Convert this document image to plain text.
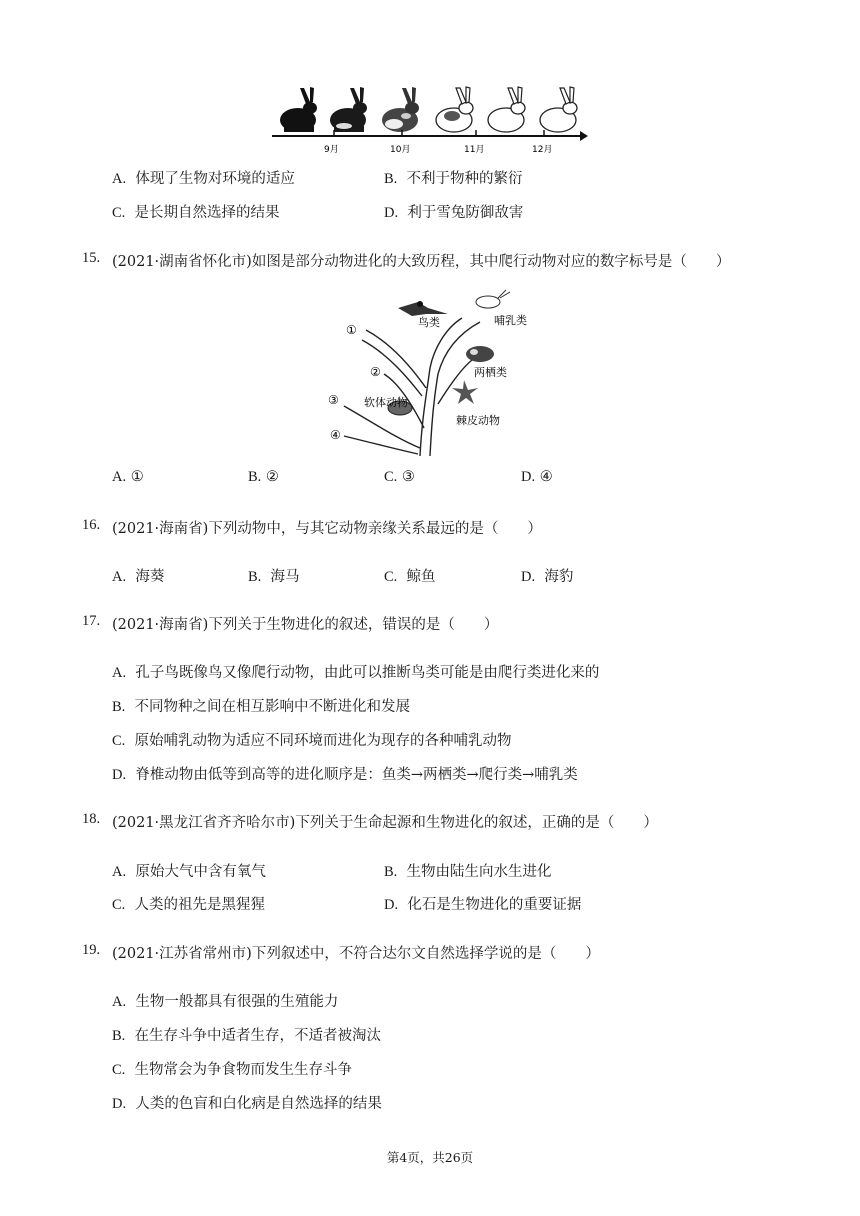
9月	10月	11月	12月
A. 体现了生物对环境的适应	B. 不利于物种的繁衍
C. 是长期自然选择的结果	D. 利于雪兔防御敌害
15. (2021·湖南省怀化市)如图是部分动物进化的大致历程，其中爬行动物对应的数字标号是（　　）
①
②
③
④
鸟类	哺乳类
两栖类
软体动物
棘皮动物
A. ①	B. ②	C. ③	D. ④
16. (2021·海南省)下列动物中，与其它动物亲缘关系最远的是（　　）
A. 海葵	B. 海马	C. 鲸鱼	D. 海豹
17. (2021·海南省)下列关于生物进化的叙述，错误的是（　　）
A. 孔子鸟既像鸟又像爬行动物，由此可以推断鸟类可能是由爬行类进化来的
B. 不同物种之间在相互影响中不断进化和发展
C. 原始哺乳动物为适应不同环境而进化为现存的各种哺乳动物
D. 脊椎动物由低等到高等的进化顺序是：鱼类→两栖类→爬行类→哺乳类
18. (2021·黑龙江省齐齐哈尔市)下列关于生命起源和生物进化的叙述，正确的是（　　）
A. 原始大气中含有氧气	B. 生物由陆生向水生进化
C. 人类的祖先是黑猩猩	D. 化石是生物进化的重要证据
19. (2021·江苏省常州市)下列叙述中，不符合达尔文自然选择学说的是（　　）
A. 生物一般都具有很强的生殖能力
B. 在生存斗争中适者生存，不适者被淘汰
C. 生物常会为争食物而发生生存斗争
D. 人类的色盲和白化病是自然选择的结果
第4页，共26页
